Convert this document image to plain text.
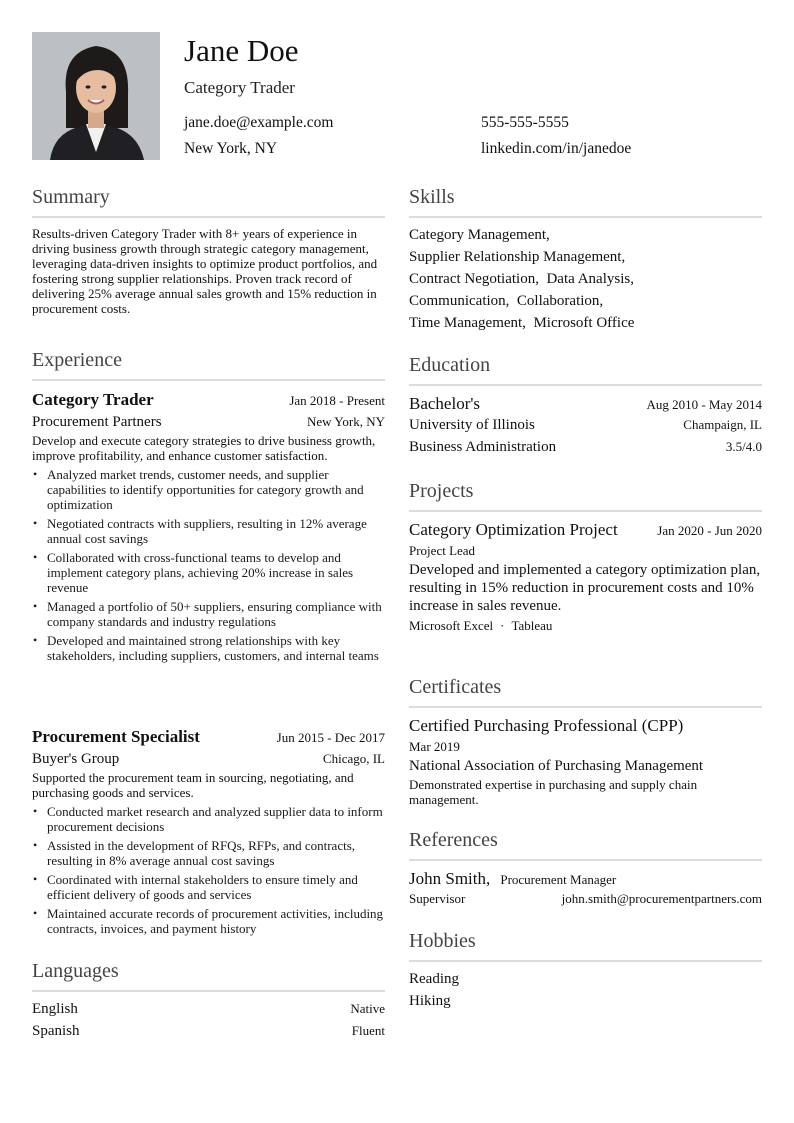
Jane Doe
Category Trader
jane.doe@example.com	555-555-5555
New York, NY	linkedin.com/in/janedoe
Summary
Results-driven Category Trader with 8+ years of experience in driving business growth through strategic category management, leveraging data-driven insights to optimize product portfolios, and fostering strong supplier relationships. Proven track record of delivering 25% average annual sales growth and 15% reduction in procurement costs.
Experience
Category Trader	Jan 2018 - Present
Procurement Partners	New York, NY
Develop and execute category strategies to drive business growth, improve profitability, and enhance customer satisfaction.
• Analyzed market trends, customer needs, and supplier capabilities to identify opportunities for category growth and optimization
• Negotiated contracts with suppliers, resulting in 12% average annual cost savings
• Collaborated with cross-functional teams to develop and implement category plans, achieving 20% increase in sales revenue
• Managed a portfolio of 50+ suppliers, ensuring compliance with company standards and industry regulations
• Developed and maintained strong relationships with key stakeholders, including suppliers, customers, and internal teams
Procurement Specialist	Jun 2015 - Dec 2017
Buyer's Group	Chicago, IL
Supported the procurement team in sourcing, negotiating, and purchasing goods and services.
• Conducted market research and analyzed supplier data to inform procurement decisions
• Assisted in the development of RFQs, RFPs, and contracts, resulting in 8% average annual cost savings
• Coordinated with internal stakeholders to ensure timely and efficient delivery of goods and services
• Maintained accurate records of procurement activities, including contracts, invoices, and payment history
Languages
English	Native
Spanish	Fluent
Skills
Category Management,
Supplier Relationship Management,
Contract Negotiation, Data Analysis,
Communication, Collaboration,
Time Management, Microsoft Office
Education
Bachelor's	Aug 2010 - May 2014
University of Illinois	Champaign, IL
Business Administration	3.5/4.0
Projects
Category Optimization Project	Jan 2020 - Jun 2020
Project Lead
Developed and implemented a category optimization plan, resulting in 15% reduction in procurement costs and 10% increase in sales revenue.
Microsoft Excel · Tableau
Certificates
Certified Purchasing Professional (CPP)
Mar 2019
National Association of Purchasing Management
Demonstrated expertise in purchasing and supply chain management.
References
John Smith, Procurement Manager
Supervisor	john.smith@procurementpartners.com
Hobbies
Reading
Hiking
